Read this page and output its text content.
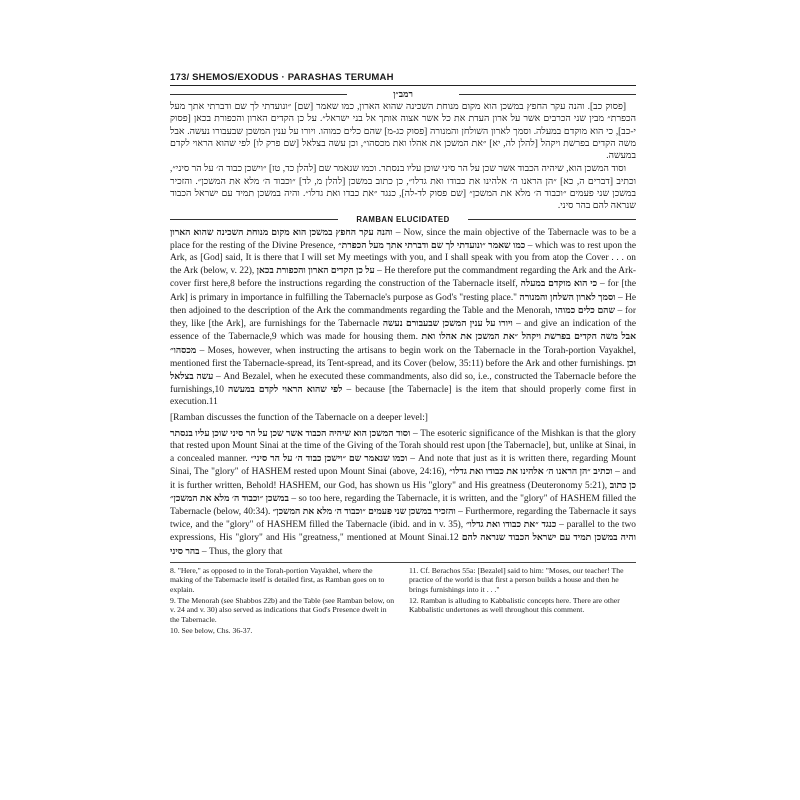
173 / SHEMOS/EXODUS · PARASHAS TERUMAH
רמב״ן

[פסוק כב]. והנה עקר החפץ במשכן הוא מקום מנוחת השכינה שהוא הארון, כמו שאמר [שם] ״ונועדתי לך שם ודברתי אתך מעל הכפרת״ מבין שני הכרבים אשר על ארון העדת את כל אשר אצוה אותך אל בני ישראל״. על כן הקדים הארון והכפורת בכאן [פסוק י-כב], כי הוא מוקדם במעלה. וסמך לארון השולחן והמנורה [פסוק כג-מ] שהם כלים כמוהו. ויורו על ענין המשכן שבעבורו נעשה. אבל משה הקדים בפרשת ויקהל [להלן לה, יא] ״את המשכן את אהלו ואת מכסהו״, וכן עשה בצלאל [שם פרק לו] לפי שהוא הראוי לקדם במעשה.

וסוד המשכן הוא, שיהיה הכבוד אשר שכן על הר סיני שוכן עליו בנסתר. וכמו שנאמר שם [להלן כד, טז] ״וישכן כבוד ה׳ על הר סיני״, וכתיב [דברים ה, כא] ״הן הראנו ה׳ אלהינו את כבודו ואת גדלו״, כן כתוב במשכן [להלן מ, לד] ״וכבוד ה׳ מלא את המשכן״. והזכיר במשכן שני פעמים ״וכבוד ה׳ מלא את המשכן״ [שם פסוק לד-לה], כנגד ״את כבדו ואת גדלו״. והיה במשכן תמיד עם ישראל הכבוד שנראה להם בהר סיני.

RAMBAN ELUCIDATED

והנה עקר החפץ במשכן הוא מקום מנוחת השכינה שהוא הארון – Now, since the main objective of the Tabernacle was to be a place for the resting of the Divine Presence, כמו שאמר ״ונועדתי לך שם ודברתי אתך מעל הכפרת״ – which was to rest upon the Ark, as [God] said, It is there that I will set My meetings with you, and I shall speak with you from atop the Cover . . . on the Ark (below, v. 22), על כן הקדים הארון והכפורת בכאן – He therefore put the commandment regarding the Ark and the Ark-cover first here,8 before the instructions regarding the construction of the Tabernacle itself, כי הוא מוקדם במעלה – for [the Ark] is primary in importance in fulfilling the Tabernacle's purpose as God's "resting place." וסמך לארון השלחן והמנורה – He then adjoined to the description of the Ark the commandments regarding the Table and the Menorah, שהם כלים כמוהו – for they, like [the Ark], are furnishings for the Tabernacle ויורו על ענין המשכן שבעבורם נעשה – and give an indication of the essence of the Tabernacle,9 which was made for housing them. אבל משה הקדים בפרשת ויקהל ״את המשכן את אהלו ואת מכסהו״ – Moses, however, when instructing the artisans to begin work on the Tabernacle in the Torah-portion Vayakhel, mentioned first the Tabernacle-spread, its Tent-spread, and its Cover (below, 35:11) before the Ark and other furnishings. וכן עשה בצלאל – And Bezalel, when he executed these commandments, also did so, i.e., constructed the Tabernacle before the furnishings,10 לפי שהוא הראוי לקדם במעשה – because [the Tabernacle] is the item that should properly come first in execution.11

[Ramban discusses the function of the Tabernacle on a deeper level:]

וסוד המשכן הוא שיהיה הכבוד אשר שכן על הר סיני שוכן עליו בנסתר – The esoteric significance of the Mishkan is that the glory that rested upon Mount Sinai at the time of the Giving of the Torah should rest upon [the Tabernacle], but, unlike at Sinai, in a concealed manner. וכמו שנאמר שם ״וישכן כבוד ה׳ על הר סיני״ – And note that just as it is written there, regarding Mount Sinai, The "glory" of HASHEM rested upon Mount Sinai (above, 24:16), וכתיב ״הן הראנו ה׳ אלהינו את כבודו ואת גדלו״ – and it is further written, Behold! HASHEM, our God, has shown us His "glory" and His greatness (Deuteronomy 5:21), כן כתוב במשכן ״וכבוד ה׳ מלא את המשכן״ – so too here, regarding the Tabernacle, it is written, and the "glory" of HASHEM filled the Tabernacle (below, 40:34). והזכיר במשכן שני פעמים ״וכבוד ה׳ מלא את המשכן״ – Furthermore, regarding the Tabernacle it says twice, and the "glory" of HASHEM filled the Tabernacle (ibid. and in v. 35), כנגד ״את כבודו ואת גדלו״ – parallel to the two expressions, His "glory" and His "greatness," mentioned at Mount Sinai.12 והיה במשכן תמיד עם ישראל הכבוד שנראה להם בהר סיני – Thus, the glory that

8. "Here," as opposed to in the Torah-portion Vayakhel, where the making of the Tabernacle itself is detailed first, as Ramban goes on to explain.

9. The Menorah (see Shabbos 22b) and the Table (see Ramban below, on v. 24 and v. 30) also served as indications that God's Presence dwelt in the Tabernacle.

10. See below, Chs. 36-37.

11. Cf. Berachos 55a: [Bezalel] said to him: "Moses, our teacher! The practice of the world is that first a person builds a house and then he brings furnishings into it . . ."

12. Ramban is alluding to Kabbalistic concepts here. There are other Kabbalistic undertones as well throughout this comment.
